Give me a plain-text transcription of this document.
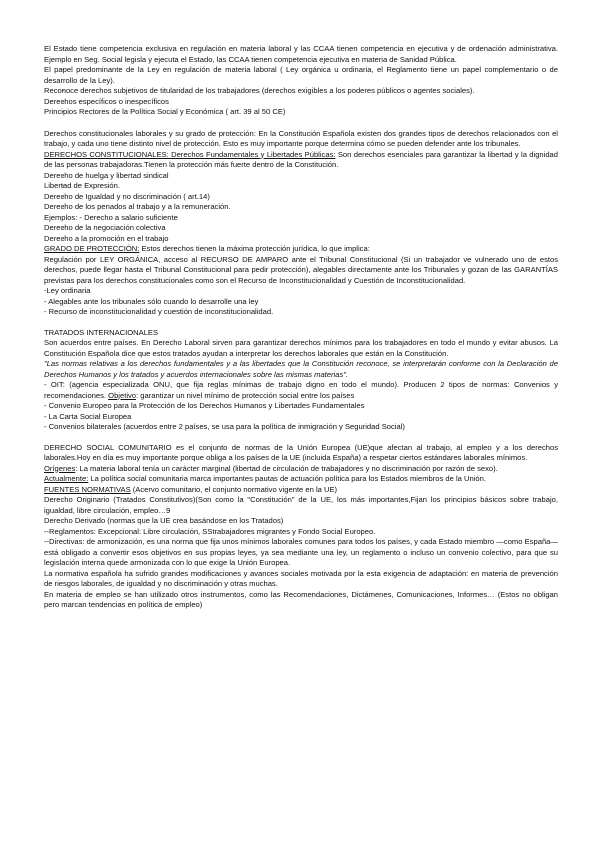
- El Estado tiene competencia exclusiva en regulación en materia laboral y las CCAA tienen competencia en ejecutiva y de ordenación administrativa. Ejemplo en Seg. Social legisla y ejecuta el Estado, las CCAA tienen competencia ejecutiva en materia de Sanidad Pública.
- El papel predominante de la Ley en regulación de materia laboral ( Ley orgánica u ordinaria, el Reglamento tiene un papel complementario o de desarrollo de la Ley).
- Reconoce derechos subjetivos de titularidad de los trabajadores (derechos exigibles a los poderes públicos o agentes sociales).
- Derechos específicos o inespecíficos
- Principios Rectores de la Política Social y Económica ( art. 39 al 50 CE)

Derechos constitucionales laborales y su grado de protección: En la Constitución Española existen dos grandes tipos de derechos relacionados con el trabajo, y cada uno tiene distinto nivel de protección. Esto es muy importante porque determina cómo se pueden defender ante los tribunales.

DERECHOS CONSTITUCIONALES: Derechos Fundamentales y Libertades Públicas: Son derechos esenciales para garantizar la libertad y la dignidad de las personas trabajadoras.Tienen la protección más fuerte dentro de la Constitución.

- Derecho de huelga y libertad sindical
- Libertad de Expresión.
- Derecho de Igualdad y no discriminación ( art.14)
- Derecho de los penados al trabajo y a la remuneración.

Ejemplos: - Derecho a salario suficiente

- Derecho de la negociación colectiva
- Derecho a la promoción en el trabajo

GRADO DE PROTECCIÓN: Estos derechos tienen la máxima protección jurídica, lo que implica:

Regulación por LEY ORGÁNICA, acceso al RECURSO DE AMPARO ante el Tribunal Constitucional (Si un trabajador ve vulnerado uno de estos derechos, puede llegar hasta el Tribunal Constitucional para pedir protección), alegables directamente ante los Tribunales y gozan de las GARANTÍAS previstas para los derechos constitucionales como son el Recurso de Inconstitucionalidad y Cuestión de Inconstitucionalidad.

-Ley ordinaria

- Alegables ante los tribunales sólo cuando lo desarrolle una ley

- Recurso de inconstitucionalidad y cuestión de inconstitucionalidad.

TRATADOS INTERNACIONALES

Son acuerdos entre países. En Derecho Laboral sirven para garantizar derechos mínimos para los trabajadores en todo el mundo y evitar abusos. La Constitución Española dice que estos tratados ayudan a interpretar los derechos laborales que están en la Constitución.

"Las normas relativas a los derechos fundamentales y a las libertades que la Constitución reconoce, se interpretarán conforme con la Declaración de Derechos Humanos y los tratados y acuerdos internacionales sobre las mismas materias".

- OIT: (agencia especializada ONU, que fija reglas mínimas de trabajo digno en todo el mundo). Producen 2 tipos de normas: Convenios y recomendaciones. Objetivo: garantizar un nivel mínimo de protección social entre los países

- Convenio Europeo para la Protección de los Derechos Humanos y Libertades Fundamentales

- La Carta Social Europea

- Convenios bilaterales (acuerdos entre 2 países, se usa para la política de inmigración y Seguridad Social)

DERECHO SOCIAL COMUNITARIO es el conjunto de normas de la Unión Europea (UE)que afectan al trabajo, al empleo y a los derechos laborales.Hoy en día es muy importante porque obliga a los países de la UE (incluida España) a respetar ciertos estándares laborales mínimos.

Orígenes: La materia laboral tenía un carácter marginal (libertad de circulación de trabajadores y no discriminación por razón de sexo).

Actualmente: La política social comunitaria marca importantes pautas de actuación política para los Estados miembros de la Unión.

FUENTES NORMATIVAS (Acervo comunitario, el conjunto normativo vigente en la UE)

Derecho Originario (Tratados Constitutivos)(Son como la "Constitución" de la UE, los más importantes,Fijan los principios básicos sobre trabajo, igualdad, libre circulación, empleo…9

Derecho Derivado (normas que la UE crea basándose en los Tratados)

--Reglamentos: Excepcional: Libre circulación, SStrabajadores migrantes y Fondo Social Europeo.

--Directivas: de armonización, es una norma que fija unos mínimos laborales comunes para todos los países, y cada Estado miembro —como España— está obligado a convertir esos objetivos en sus propias leyes, ya sea mediante una ley, un reglamento o incluso un convenio colectivo, para que su legislación interna quede armonizada con lo que exige la Unión Europea.

La normativa española ha sufrido grandes modificaciones y avances sociales motivada por la esta exigencia de adaptación: en materia de prevención de riesgos laborales, de igualdad y no discriminación y otras muchas.

En materia de empleo se han utilizado otros instrumentos, como las Recomendaciones, Dictámenes, Comunicaciones, Informes… (Estos no obligan pero marcan tendencias en política de empleo)
